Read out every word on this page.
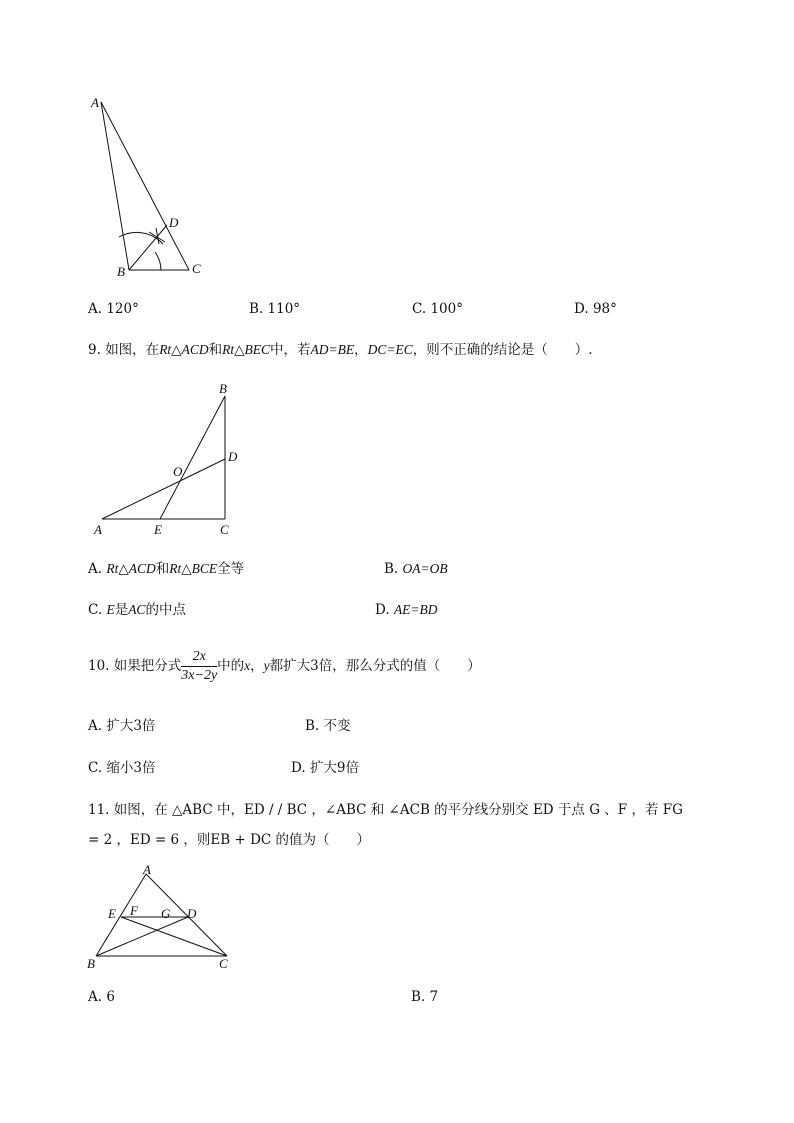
A
B	C
D
A. 120°	B. 110°	C. 100°	D. 98°
9. 如图，在Rt△ACD和Rt△BEC中，若AD=BE，DC=EC，则不正确的结论是（　　）.
B
D
O
A	E	C
A. Rt△ACD和Rt△BCE全等	B. OA=OB
C. E是AC的中点	D. AE=BD
10. 如果把分式 $\frac{2x}{3x-2y}$ 中的x，y都扩大3倍，那么分式的值（　　）
A. 扩大3倍	B. 不变
C. 缩小3倍	D. 扩大9倍
11. 如图，在 △ABC 中，ED / / BC ，∠ABC 和 ∠ACB 的平分线分别交 ED 于点 G 、F ，若 FG
= 2 ，ED = 6 ，则EB + DC 的值为（　　）
A
E F G D
B	C
A. 6	B. 7
